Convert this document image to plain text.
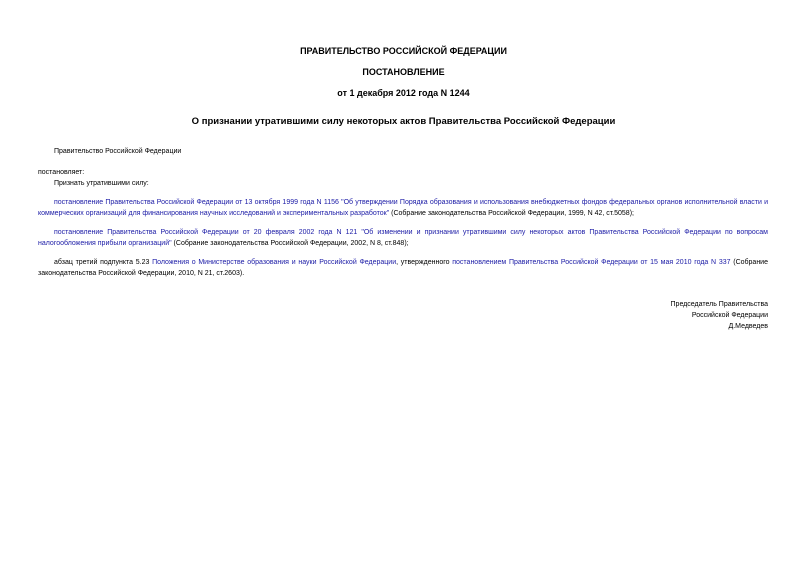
ПРАВИТЕЛЬСТВО РОССИЙСКОЙ ФЕДЕРАЦИИ
ПОСТАНОВЛЕНИЕ
от 1 декабря 2012 года N 1244
О признании утратившими силу некоторых актов Правительства Российской Федерации
Правительство Российской Федерации
постановляет:
Признать утратившими силу:
постановление Правительства Российской Федерации от 13 октября 1999 года N 1156 "Об утверждении Порядка образования и использования внебюджетных фондов федеральных органов исполнительной власти и коммерческих организаций для финансирования научных исследований и экспериментальных разработок" (Собрание законодательства Российской Федерации, 1999, N 42, ст.5058);
постановление Правительства Российской Федерации от 20 февраля 2002 года N 121 "Об изменении и признании утратившими силу некоторых актов Правительства Российской Федерации по вопросам налогообложения прибыли организаций" (Собрание законодательства Российской Федерации, 2002, N 8, ст.848);
абзац третий подпункта 5.23 Положения о Министерстве образования и науки Российской Федерации, утвержденного постановлением Правительства Российской Федерации от 15 мая 2010 года N 337 (Собрание законодательства Российской Федерации, 2010, N 21, ст.2603).
Председатель Правительства
Российской Федерации
Д.Медведев
